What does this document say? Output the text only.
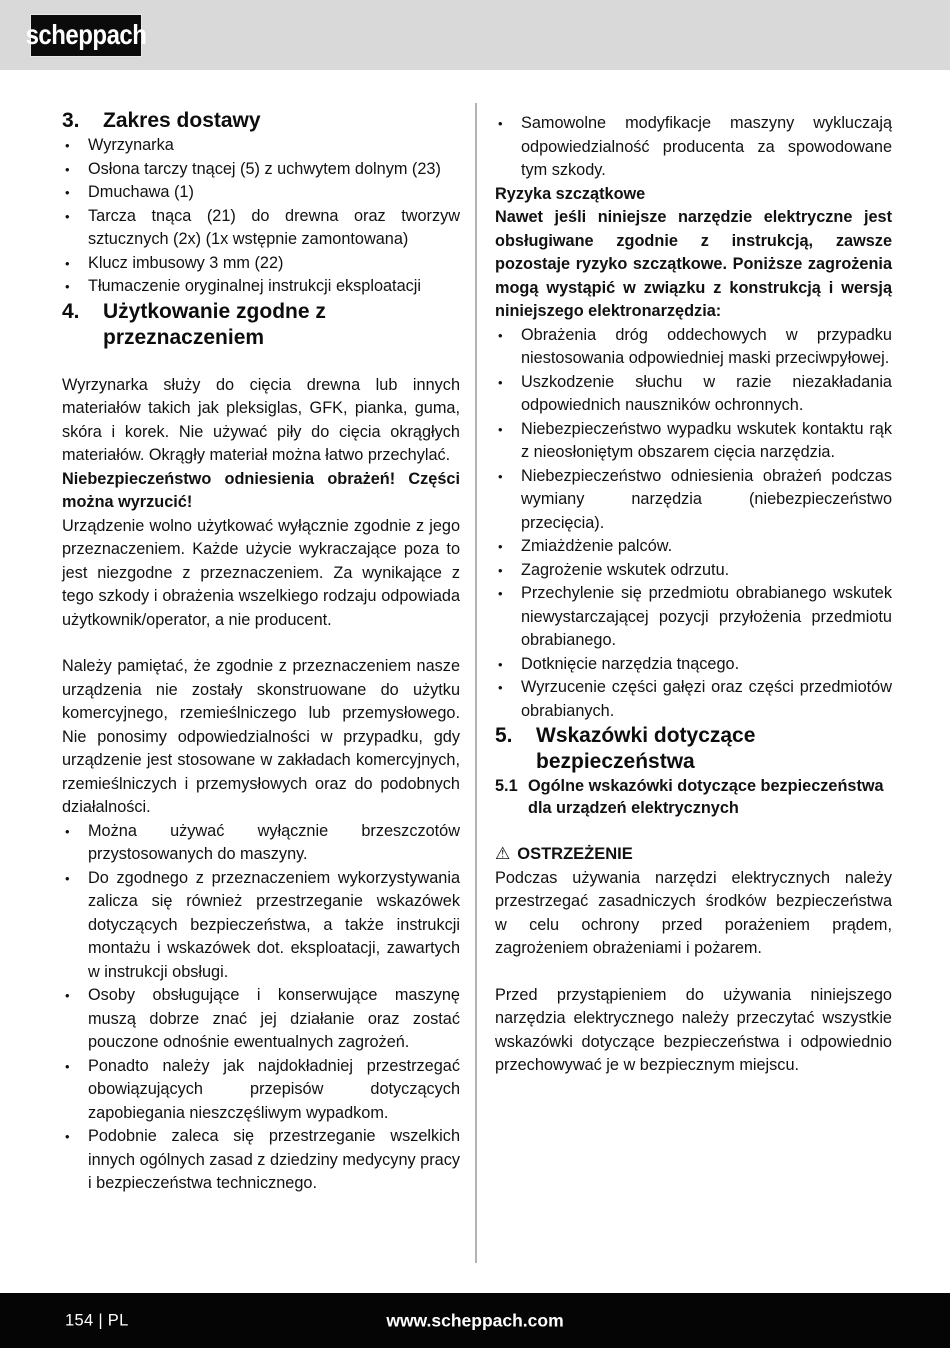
scheppach
3.	Zakres dostawy
• Wyrzynarka
• Osłona tarczy tnącej (5) z uchwytem dolnym (23)
• Dmuchawa (1)
• Tarcza tnąca (21) do drewna oraz tworzyw sztucznych (2x) (1x wstępnie zamontowana)
• Klucz imbusowy 3 mm (22)
• Tłumaczenie oryginalnej instrukcji eksploatacji
4.	Użytkowanie zgodne z przeznaczeniem

Wyrzynarka służy do cięcia drewna lub innych materiałów takich jak pleksiglas, GFK, pianka, guma, skóra i korek. Nie używać piły do cięcia okrągłych materiałów. Okrągły materiał można łatwo przechylać.

Niebezpieczeństwo odniesienia obrażeń! Części można wyrzucić!

Urządzenie wolno użytkować wyłącznie zgodnie z jego przeznaczeniem. Każde użycie wykraczające poza to jest niezgodne z przeznaczeniem. Za wynikające z tego szkody i obrażenia wszelkiego rodzaju odpowiada użytkownik/operator, a nie producent.

Należy pamiętać, że zgodnie z przeznaczeniem nasze urządzenia nie zostały skonstruowane do użytku komercyjnego, rzemieślniczego lub przemysłowego. Nie ponosimy odpowiedzialności w przypadku, gdy urządzenie jest stosowane w zakładach komercyjnych, rzemieślniczych i przemysłowych oraz do podobnych działalności.

• Można używać wyłącznie brzeszczotów przystosowanych do maszyny.
• Do zgodnego z przeznaczeniem wykorzystywania zalicza się również przestrzeganie wskazówek dotyczących bezpieczeństwa, a także instrukcji montażu i wskazówek dot. eksploatacji, zawartych w instrukcji obsługi.
• Osoby obsługujące i konserwujące maszynę muszą dobrze znać jej działanie oraz zostać pouczone odnośnie ewentualnych zagrożeń.
• Ponadto należy jak najdokładniej przestrzegać obowiązujących przepisów dotyczących zapobiegania nieszczęśliwym wypadkom.
• Podobnie zaleca się przestrzeganie wszelkich innych ogólnych zasad z dziedziny medycyny pracy i bezpieczeństwa technicznego.
• Samowolne modyfikacje maszyny wykluczają odpowiedzialność producenta za spowodowane tym szkody.
Ryzyka szczątkowe

Nawet jeśli niniejsze narzędzie elektryczne jest obsługiwane zgodnie z instrukcją, zawsze pozostaje ryzyko szczątkowe. Poniższe zagrożenia mogą wystąpić w związku z konstrukcją i wersją niniejszego elektronarzędzia:

• Obrażenia dróg oddechowych w przypadku niestosowania odpowiedniej maski przeciwpyłowej.
• Uszkodzenie słuchu w razie niezakładania odpowiednich nauszników ochronnych.
• Niebezpieczeństwo wypadku wskutek kontaktu rąk z nieosłoniętym obszarem cięcia narzędzia.
• Niebezpieczeństwo odniesienia obrażeń podczas wymiany narzędzia (niebezpieczeństwo przecięcia).
• Zmiażdżenie palców.
• Zagrożenie wskutek odrzutu.
• Przechylenie się przedmiotu obrabianego wskutek niewystarczającej pozycji przyłożenia przedmiotu obrabianego.
• Dotknięcie narzędzia tnącego.
• Wyrzucenie części gałęzi oraz części przedmiotów obrabianych.
5.	Wskazówki dotyczące bezpieczeństwa
5.1 Ogólne wskazówki dotyczące bezpieczeństwa dla urządzeń elektrycznych

⚠ OSTRZEŻENIE

Podczas używania narzędzi elektrycznych należy przestrzegać zasadniczych środków bezpieczeństwa w celu ochrony przed porażeniem prądem, zagrożeniem obrażeniami i pożarem.

Przed przystąpieniem do używania niniejszego narzędzia elektrycznego należy przeczytać wszystkie wskazówki dotyczące bezpieczeństwa i odpowiednio przechowywać je w bezpiecznym miejscu.

154 | PL	www.scheppach.com
